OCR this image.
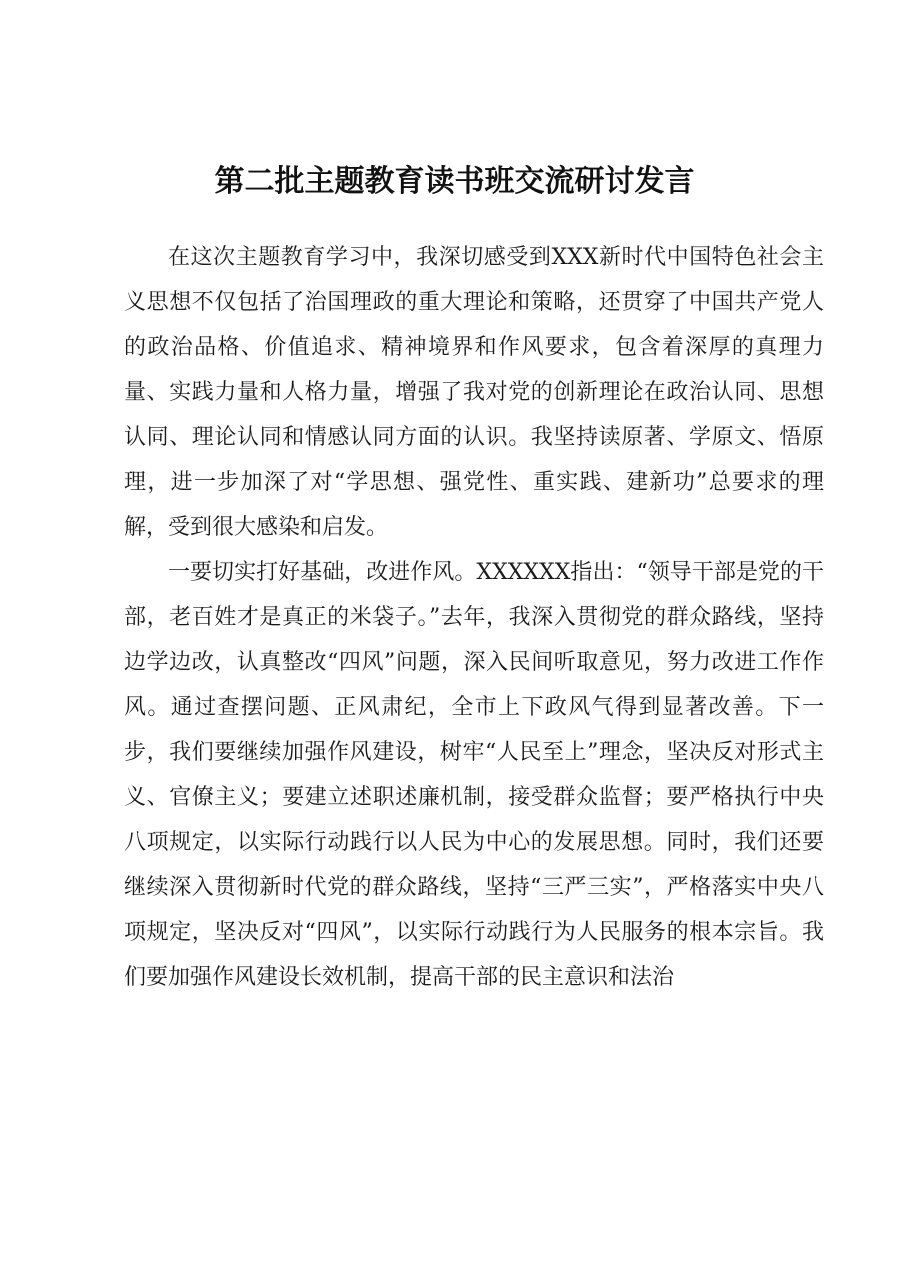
第二批主题教育读书班交流研讨发言

在这次主题教育学习中，我深切感受到XXX新时代中国特色社会主义思想不仅包括了治国理政的重大理论和策略，还贯穿了中国共产党人的政治品格、价值追求、精神境界和作风要求，包含着深厚的真理力量、实践力量和人格力量，增强了我对党的创新理论在政治认同、思想认同、理论认同和情感认同方面的认识。我坚持读原著、学原文、悟原理，进一步加深了对“学思想、强党性、重实践、建新功”总要求的理解，受到很大感染和启发。

一要切实打好基础，改进作风。XXXXXX指出：“领导干部是党的干部，老百姓才是真正的米袋子。”去年，我深入贯彻党的群众路线，坚持边学边改，认真整改“四风”问题，深入民间听取意见，努力改进工作作风。通过查摆问题、正风肃纪，全市上下政风气得到显著改善。下一步，我们要继续加强作风建设，树牢“人民至上”理念，坚决反对形式主义、官僚主义；要建立述职述廉机制，接受群众监督；要严格执行中央八项规定，以实际行动践行以人民为中心的发展思想。同时，我们还要继续深入贯彻新时代党的群众路线，坚持“三严三实”，严格落实中央八项规定，坚决反对“四风”，以实际行动践行为人民服务的根本宗旨。我们要加强作风建设长效机制，提高干部的民主意识和法治
